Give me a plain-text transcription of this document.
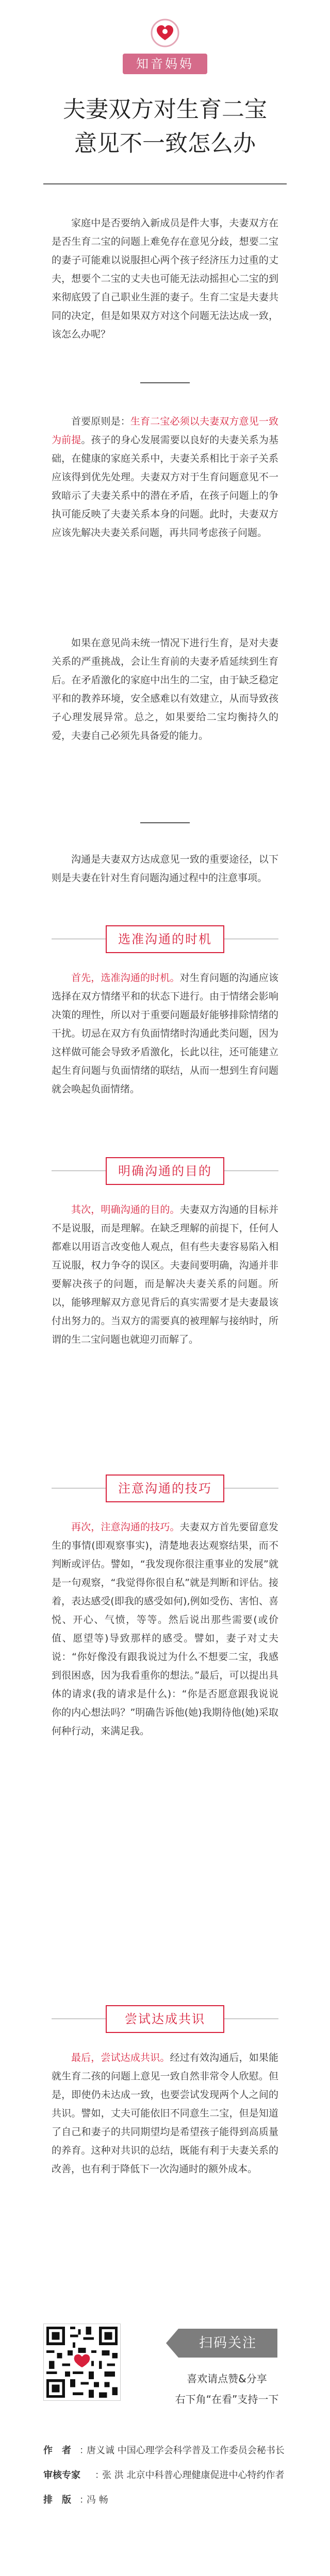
知音妈妈
夫妻双方对生育二宝
意见不一致怎么办
家庭中是否要纳入新成员是件大事，夫妻双方在是否生育二宝的问题上难免存在意见分歧，想要二宝的妻子可能难以说服担心两个孩子经济压力过重的丈夫，想要个二宝的丈夫也可能无法动摇担心二宝的到来彻底毁了自己职业生涯的妻子。生育二宝是夫妻共同的决定，但是如果双方对这个问题无法达成一致，该怎么办呢？
首要原则是：生育二宝必须以夫妻双方意见一致为前提。孩子的身心发展需要以良好的夫妻关系为基础，在健康的家庭关系中，夫妻关系相比于亲子关系应该得到优先处理。夫妻双方对于生育问题意见不一致暗示了夫妻关系中的潜在矛盾，在孩子问题上的争执可能反映了夫妻关系本身的问题。此时，夫妻双方应该先解决夫妻关系问题，再共同考虑孩子问题。
如果在意见尚未统一情况下进行生育，是对夫妻关系的严重挑战，会让生育前的夫妻矛盾延续到生育后。在矛盾激化的家庭中出生的二宝，由于缺乏稳定平和的教养环境，安全感难以有效建立，从而导致孩子心理发展异常。总之，如果要给二宝均衡持久的爱，夫妻自己必须先具备爱的能力。
沟通是夫妻双方达成意见一致的重要途径，以下则是夫妻在针对生育问题沟通过程中的注意事项。
选准沟通的时机
首先，选准沟通的时机。对生育问题的沟通应该选择在双方情绪平和的状态下进行。由于情绪会影响决策的理性，所以对于重要问题最好能够排除情绪的干扰。切忌在双方有负面情绪时沟通此类问题，因为这样做可能会导致矛盾激化，长此以往，还可能建立起生育问题与负面情绪的联结，从而一想到生育问题就会唤起负面情绪。
明确沟通的目的
其次，明确沟通的目的。夫妻双方沟通的目标并不是说服，而是理解。在缺乏理解的前提下，任何人都难以用语言改变他人观点，但有些夫妻容易陷入相互说服，权力争夺的误区。夫妻间要明确，沟通并非要解决孩子的问题，而是解决夫妻关系的问题。所以，能够理解双方意见背后的真实需要才是夫妻最该付出努力的。当双方的需要真的被理解与接纳时，所谓的生二宝问题也就迎刃而解了。
注意沟通的技巧
再次，注意沟通的技巧。夫妻双方首先要留意发生的事情(即观察事实)，清楚地表达观察结果，而不判断或评估。譬如，“我发现你很注重事业的发展”就是一句观察，“我觉得你很自私”就是判断和评估。接着，表达感受(即我的感受如何),例如受伤、害怕、喜悦、开心、气愤，等等。然后说出那些需要(或价值、愿望等)导致那样的感受。譬如，妻子对丈夫说：“你好像没有跟我说过为什么不想要二宝，我感到很困惑，因为我看重你的想法。”最后，可以提出具体的请求(我的请求是什么)：“你是否愿意跟我说说你的内心想法吗？”明确告诉他(她)我期待他(她)采取何种行动，来满足我。
尝试达成共识
最后，尝试达成共识。经过有效沟通后，如果能就生育二孩的问题上意见一致自然非常令人欣慰。但是，即使仍未达成一致，也要尝试发现两个人之间的共识。譬如，丈夫可能依旧不同意生二宝，但是知道了自己和妻子的共同期望均是希望孩子能得到高质量的养育。这种对共识的总结，既能有利于夫妻关系的改善，也有利于降低下一次沟通时的额外成本。
扫码关注
喜欢请点赞&分享
右下角“在看”支持一下
作　者 ：
唐义诚 中国心理学会科学普及工作委员会秘书长
审核专家	：
张 洪 北京中科普心理健康促进中心特约作者
排　版 ：
冯 畅
